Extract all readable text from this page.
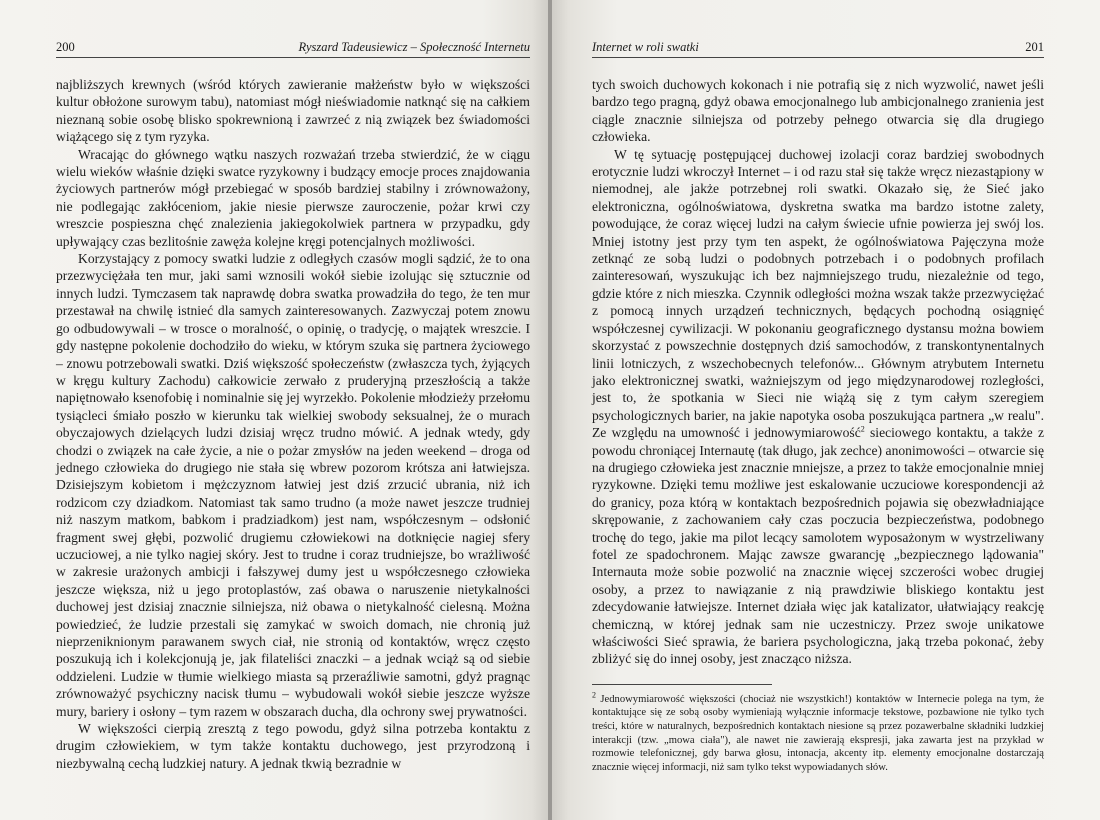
200	Ryszard Tadeusiewicz – Społeczność Internetu

najbliższych krewnych (wśród których zawieranie małżeństw było w większości kultur obłożone surowym tabu), natomiast mógł nieświadomie natknąć się na całkiem nieznaną sobie osobę blisko spokrewnioną i zawrzeć z nią związek bez świadomości wiążącego się z tym ryzyka.

Wracając do głównego wątku naszych rozważań trzeba stwierdzić, że w ciągu wielu wieków właśnie dzięki swatce ryzykowny i budzący emocje proces znajdowania życiowych partnerów mógł przebiegać w sposób bardziej stabilny i zrównoważony, nie podlegając zakłóceniom, jakie niesie pierwsze zauroczenie, pożar krwi czy wreszcie pospieszna chęć znalezienia jakiegokolwiek partnera w przypadku, gdy upływający czas bezlitośnie zawęża kolejne kręgi potencjalnych możliwości.

Korzystający z pomocy swatki ludzie z odległych czasów mogli sądzić, że to ona przezwyciężała ten mur, jaki sami wznosili wokół siebie izolując się sztucznie od innych ludzi. Tymczasem tak naprawdę dobra swatka prowadziła do tego, że ten mur przestawał na chwilę istnieć dla samych zainteresowanych. Zazwyczaj potem znowu go odbudowywali – w trosce o moralność, o opinię, o tradycję, o majątek wreszcie. I gdy następne pokolenie dochodziło do wieku, w którym szuka się partnera życiowego – znowu potrzebowali swatki. Dziś większość społeczeństw (zwłaszcza tych, żyjących w kręgu kultury Zachodu) całkowicie zerwało z pruderyjną przeszłością a także napiętnowało ksenofobię i nominalnie się jej wyrzekło. Pokolenie młodzieży przełomu tysiącleci śmiało poszło w kierunku tak wielkiej swobody seksualnej, że o murach obyczajowych dzielących ludzi dzisiaj wręcz trudno mówić. A jednak wtedy, gdy chodzi o związek na całe życie, a nie o pożar zmysłów na jeden weekend – droga od jednego człowieka do drugiego nie stała się wbrew pozorom krótsza ani łatwiejsza. Dzisiejszym kobietom i mężczyznom łatwiej jest dziś zrzucić ubrania, niż ich rodzicom czy dziadkom. Natomiast tak samo trudno (a może nawet jeszcze trudniej niż naszym matkom, babkom i pradziadkom) jest nam, współczesnym – odsłonić fragment swej głębi, pozwolić drugiemu człowiekowi na dotknięcie nagiej sfery uczuciowej, a nie tylko nagiej skóry. Jest to trudne i coraz trudniejsze, bo wrażliwość w zakresie urażonych ambicji i fałszywej dumy jest u współczesnego człowieka jeszcze większa, niż u jego protoplastów, zaś obawa o naruszenie nietykalności duchowej jest dzisiaj znacznie silniejsza, niż obawa o nietykalność cielesną. Można powiedzieć, że ludzie przestali się zamykać w swoich domach, nie chronią już nieprzeniknionym parawanem swych ciał, nie stronią od kontaktów, wręcz często poszukują ich i kolekcjonują je, jak filateliści znaczki – a jednak wciąż są od siebie oddzieleni. Ludzie w tłumie wielkiego miasta są przeraźliwie samotni, gdyż pragnąc zrównoważyć psychiczny nacisk tłumu – wybudowali wokół siebie jeszcze wyższe mury, bariery i osłony – tym razem w obszarach ducha, dla ochrony swej prywatności.

W większości cierpią zresztą z tego powodu, gdyż silna potrzeba kontaktu z drugim człowiekiem, w tym także kontaktu duchowego, jest przyrodzoną i niezbywalną cechą ludzkiej natury. A jednak tkwią bezradnie w

Internet w roli swatki	201

tych swoich duchowych kokonach i nie potrafią się z nich wyzwolić, nawet jeśli bardzo tego pragną, gdyż obawa emocjonalnego lub ambicjonalnego zranienia jest ciągle znacznie silniejsza od potrzeby pełnego otwarcia się dla drugiego człowieka.

W tę sytuację postępującej duchowej izolacji coraz bardziej swobodnych erotycznie ludzi wkroczył Internet – i od razu stał się także wręcz niezastąpiony w niemodnej, ale jakże potrzebnej roli swatki. Okazało się, że Sieć jako elektroniczna, ogólnoświatowa, dyskretna swatka ma bardzo istotne zalety, powodujące, że coraz więcej ludzi na całym świecie ufnie powierza jej swój los. Mniej istotny jest przy tym ten aspekt, że ogólnoświatowa Pajęczyna może zetknąć ze sobą ludzi o podobnych potrzebach i o podobnych profilach zainteresowań, wyszukując ich bez najmniejszego trudu, niezależnie od tego, gdzie które z nich mieszka. Czynnik odległości można wszak także przezwyciężać z pomocą innych urządzeń technicznych, będących pochodną osiągnięć współczesnej cywilizacji. W pokonaniu geograficznego dystansu można bowiem skorzystać z powszechnie dostępnych dziś samochodów, z transkontynentalnych linii lotniczych, z wszechobecnych telefonów... Głównym atrybutem Internetu jako elektronicznej swatki, ważniejszym od jego międzynarodowej rozległości, jest to, że spotkania w Sieci nie wiążą się z tym całym szeregiem psychologicznych barier, na jakie napotyka osoba poszukująca partnera „w realu". Ze względu na umowność i jednowymiarowość$^2$ sieciowego kontaktu, a także z powodu chroniącej Internautę (tak długo, jak zechce) anonimowości – otwarcie się na drugiego człowieka jest znacznie mniejsze, a przez to także emocjonalnie mniej ryzykowne. Dzięki temu możliwe jest eskalowanie uczuciowe korespondencji aż do granicy, poza którą w kontaktach bezpośrednich pojawia się obezwładniające skrępowanie, z zachowaniem cały czas poczucia bezpieczeństwa, podobnego trochę do tego, jakie ma pilot lecący samolotem wyposażonym w wystrzeliwany fotel ze spadochronem. Mając zawsze gwarancję „bezpiecznego lądowania" Internauta może sobie pozwolić na znacznie więcej szczerości wobec drugiej osoby, a przez to nawiązanie z nią prawdziwie bliskiego kontaktu jest zdecydowanie łatwiejsze. Internet działa więc jak katalizator, ułatwiający reakcję chemiczną, w której jednak sam nie uczestniczy. Przez swoje unikatowe właściwości Sieć sprawia, że bariera psychologiczna, jaką trzeba pokonać, żeby zbliżyć się do innej osoby, jest znacząco niższa.

$^2$ Jednowymiarowość większości (chociaż nie wszystkich!) kontaktów w Internecie polega na tym, że kontaktujące się ze sobą osoby wymieniają wyłącznie informacje tekstowe, pozbawione nie tylko tych treści, które w naturalnych, bezpośrednich kontaktach niesione są przez pozawerbalne składniki ludzkiej interakcji (tzw. „mowa ciała"), ale nawet nie zawierają ekspresji, jaka zawarta jest na przykład w rozmowie telefonicznej, gdy barwa głosu, intonacja, akcenty itp. elementy emocjonalne dostarczają znacznie więcej informacji, niż sam tylko tekst wypowiadanych słów.
